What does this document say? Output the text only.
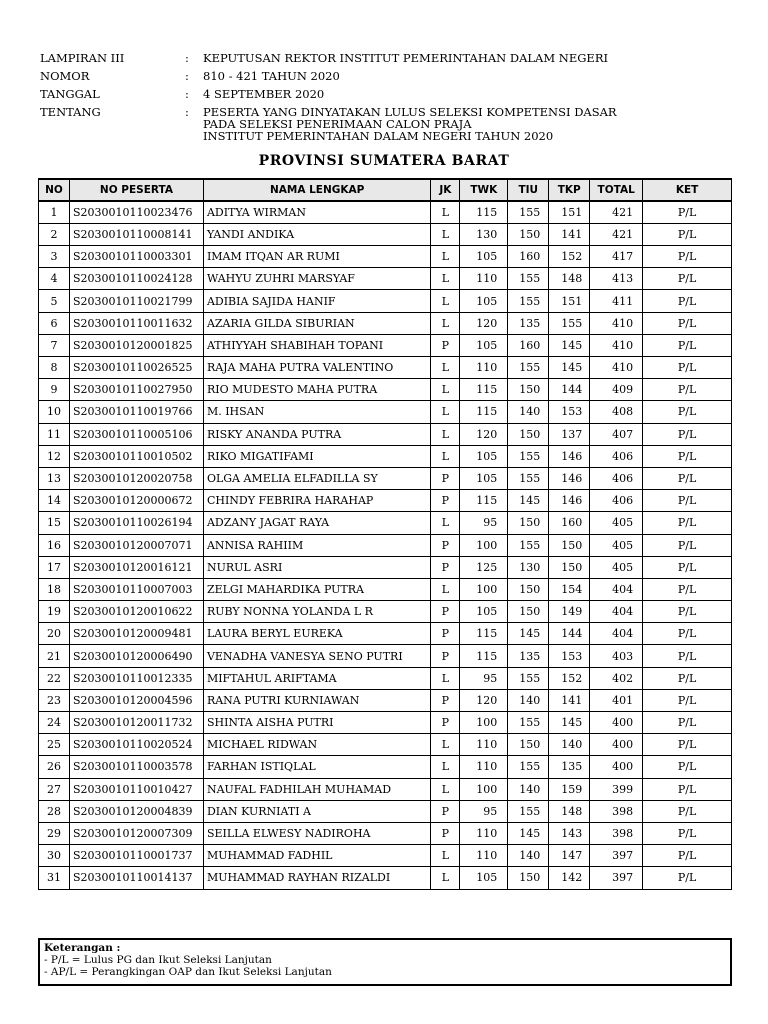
LAMPIRAN III	:	KEPUTUSAN REKTOR INSTITUT PEMERINTAHAN DALAM NEGERI
NOMOR	:	810 - 421 TAHUN 2020
TANGGAL	:	4 SEPTEMBER 2020
TENTANG	:	PESERTA YANG DINYATAKAN LULUS SELEKSI KOMPETENSI DASAR
PADA SELEKSI PENERIMAAN CALON PRAJA
INSTITUT PEMERINTAHAN DALAM NEGERI TAHUN 2020
PROVINSI SUMATERA BARAT
NO	NO PESERTA	NAMA LENGKAP	JK	TWK	TIU	TKP	TOTAL	KET
1	S2030010110023476	ADITYA WIRMAN	L	115	155	151	421	P/L
2	S2030010110008141	YANDI ANDIKA	L	130	150	141	421	P/L
3	S2030010110003301	IMAM ITQAN AR RUMI	L	105	160	152	417	P/L
4	S2030010110024128	WAHYU ZUHRI MARSYAF	L	110	155	148	413	P/L
5	S2030010110021799	ADIBIA SAJIDA HANIF	L	105	155	151	411	P/L
6	S2030010110011632	AZARIA GILDA SIBURIAN	L	120	135	155	410	P/L
7	S2030010120001825	ATHIYYAH SHABIHAH TOPANI	P	105	160	145	410	P/L
8	S2030010110026525	RAJA MAHA PUTRA VALENTINO	L	110	155	145	410	P/L
9	S2030010110027950	RIO MUDESTO MAHA PUTRA	L	115	150	144	409	P/L
10	S2030010110019766	M. IHSAN	L	115	140	153	408	P/L
11	S2030010110005106	RISKY ANANDA PUTRA	L	120	150	137	407	P/L
12	S2030010110010502	RIKO MIGATIFAMI	L	105	155	146	406	P/L
13	S2030010120020758	OLGA AMELIA ELFADILLA SY	P	105	155	146	406	P/L
14	S2030010120000672	CHINDY FEBRIRA HARAHAP	P	115	145	146	406	P/L
15	S2030010110026194	ADZANY JAGAT RAYA	L	95	150	160	405	P/L
16	S2030010120007071	ANNISA RAHIIM	P	100	155	150	405	P/L
17	S2030010120016121	NURUL ASRI	P	125	130	150	405	P/L
18	S2030010110007003	ZELGI MAHARDIKA PUTRA	L	100	150	154	404	P/L
19	S2030010120010622	RUBY NONNA YOLANDA L R	P	105	150	149	404	P/L
20	S2030010120009481	LAURA BERYL EUREKA	P	115	145	144	404	P/L
21	S2030010120006490	VENADHA VANESYA SENO PUTRI	P	115	135	153	403	P/L
22	S2030010110012335	MIFTAHUL ARIFTAMA	L	95	155	152	402	P/L
23	S2030010120004596	RANA PUTRI KURNIAWAN	P	120	140	141	401	P/L
24	S2030010120011732	SHINTA AISHA PUTRI	P	100	155	145	400	P/L
25	S2030010110020524	MICHAEL RIDWAN	L	110	150	140	400	P/L
26	S2030010110003578	FARHAN ISTIQLAL	L	110	155	135	400	P/L
27	S2030010110010427	NAUFAL FADHILAH MUHAMAD	L	100	140	159	399	P/L
28	S2030010120004839	DIAN KURNIATI A	P	95	155	148	398	P/L
29	S2030010120007309	SEILLA ELWESY NADIROHA	P	110	145	143	398	P/L
30	S2030010110001737	MUHAMMAD FADHIL	L	110	140	147	397	P/L
31	S2030010110014137	MUHAMMAD RAYHAN RIZALDI	L	105	150	142	397	P/L
Keterangan :
- P/L = Lulus PG dan Ikut Seleksi Lanjutan
- AP/L = Perangkingan OAP dan Ikut Seleksi Lanjutan
